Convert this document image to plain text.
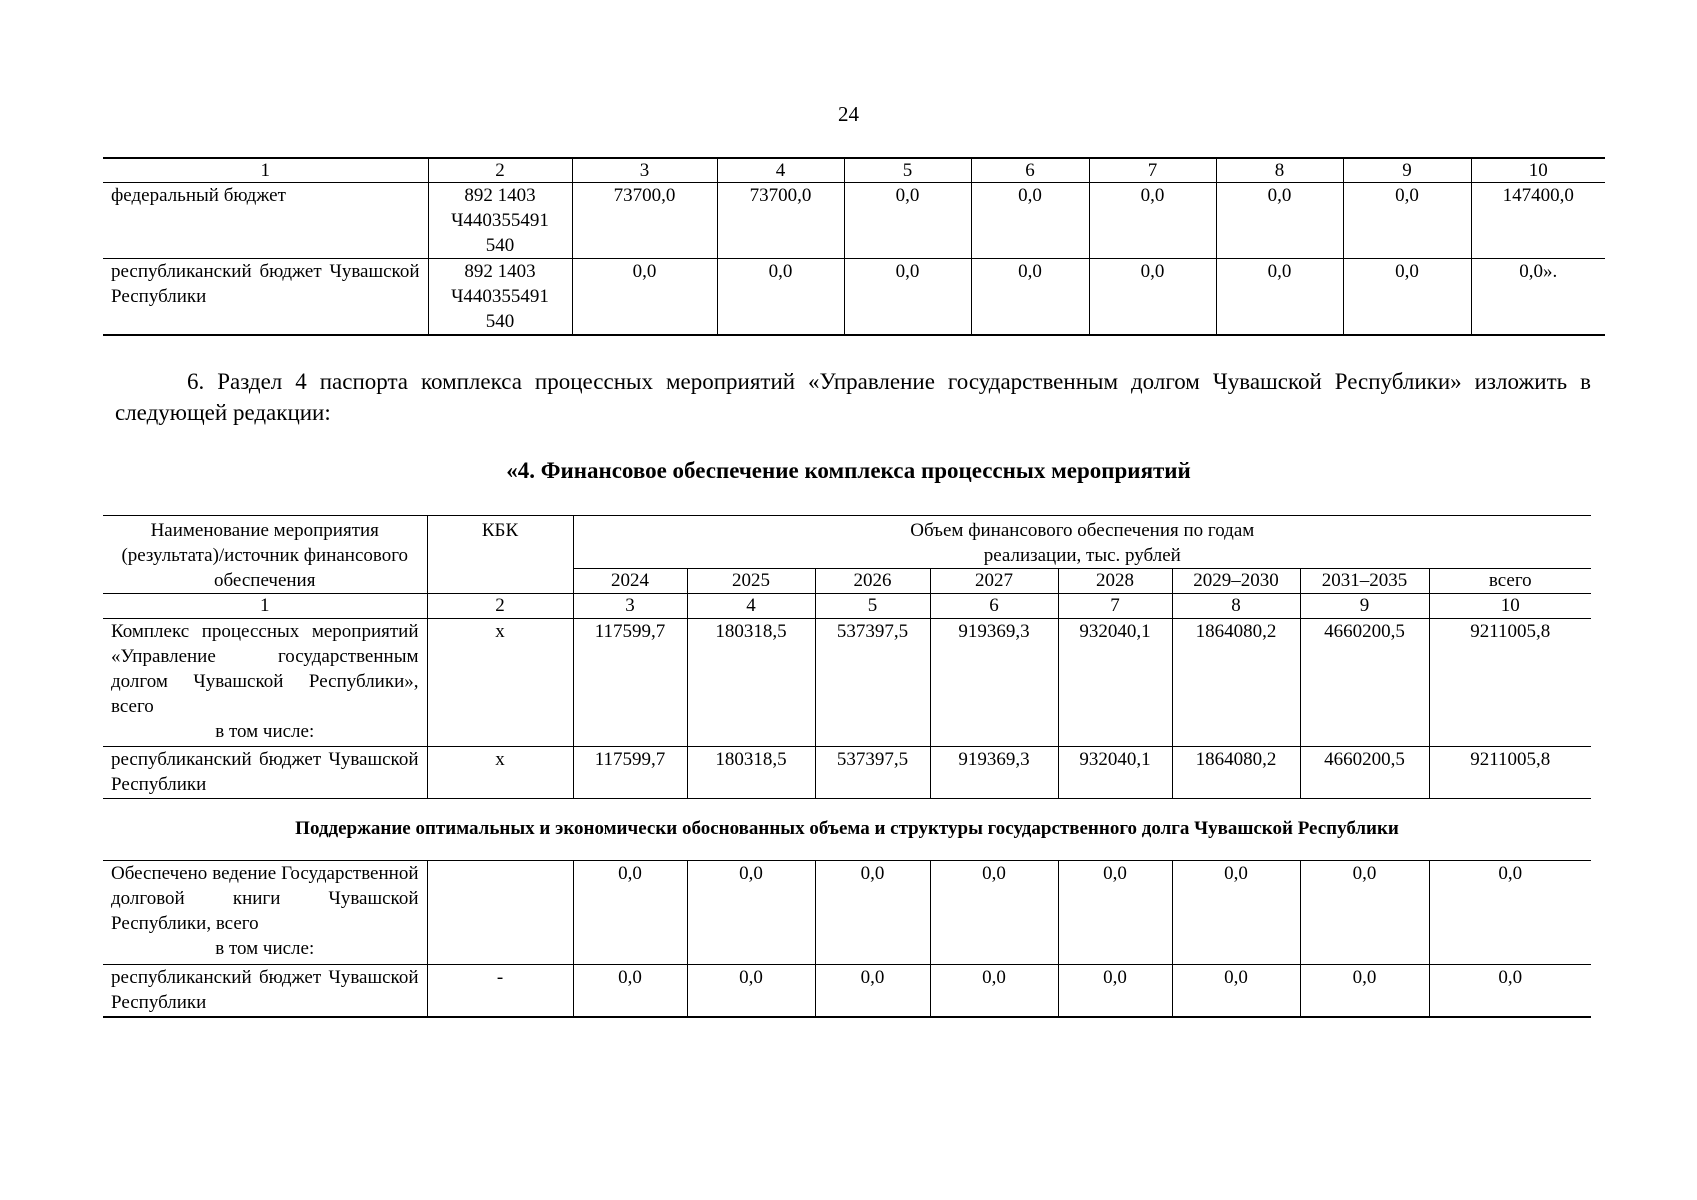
24
1	2	3	4	5	6	7	8	9	10
федеральный бюджет	892 1403
Ч440355491
540	73700,0	73700,0	0,0	0,0	0,0	0,0	0,0	147400,0
республиканский бюджет Чувашской Республики	892 1403
Ч440355491
540	0,0	0,0	0,0	0,0	0,0	0,0	0,0	0,0».
6. Раздел 4 паспорта комплекса процессных мероприятий «Управление государственным долгом Чувашской Республики» изложить в следующей редакции:
«4. Финансовое обеспечение комплекса процессных мероприятий
Наименование мероприятия (результата)/источник финансового обеспечения	КБК	Объем финансового обеспечения по годам реализации, тыс. рублей							
		2024	2025	2026	2027	2028	2029–2030	2031–2035	всего
1	2	3	4	5	6	7	8	9	10
Комплекс процессных мероприятий «Управление государственным долгом Чувашской Республики», всего
в том числе:	х	117599,7	180318,5	537397,5	919369,3	932040,1	1864080,2	4660200,5	9211005,8
республиканский бюджет Чувашской Республики	х	117599,7	180318,5	537397,5	919369,3	932040,1	1864080,2	4660200,5	9211005,8
Поддержание оптимальных и экономически обоснованных объема и структуры государственного долга Чувашской Республики									
Обеспечено ведение Государственной долговой книги Чувашской Республики, всего
в том числе:		0,0	0,0	0,0	0,0	0,0	0,0	0,0	0,0
республиканский бюджет Чувашской Республики	-	0,0	0,0	0,0	0,0	0,0	0,0	0,0	0,0
